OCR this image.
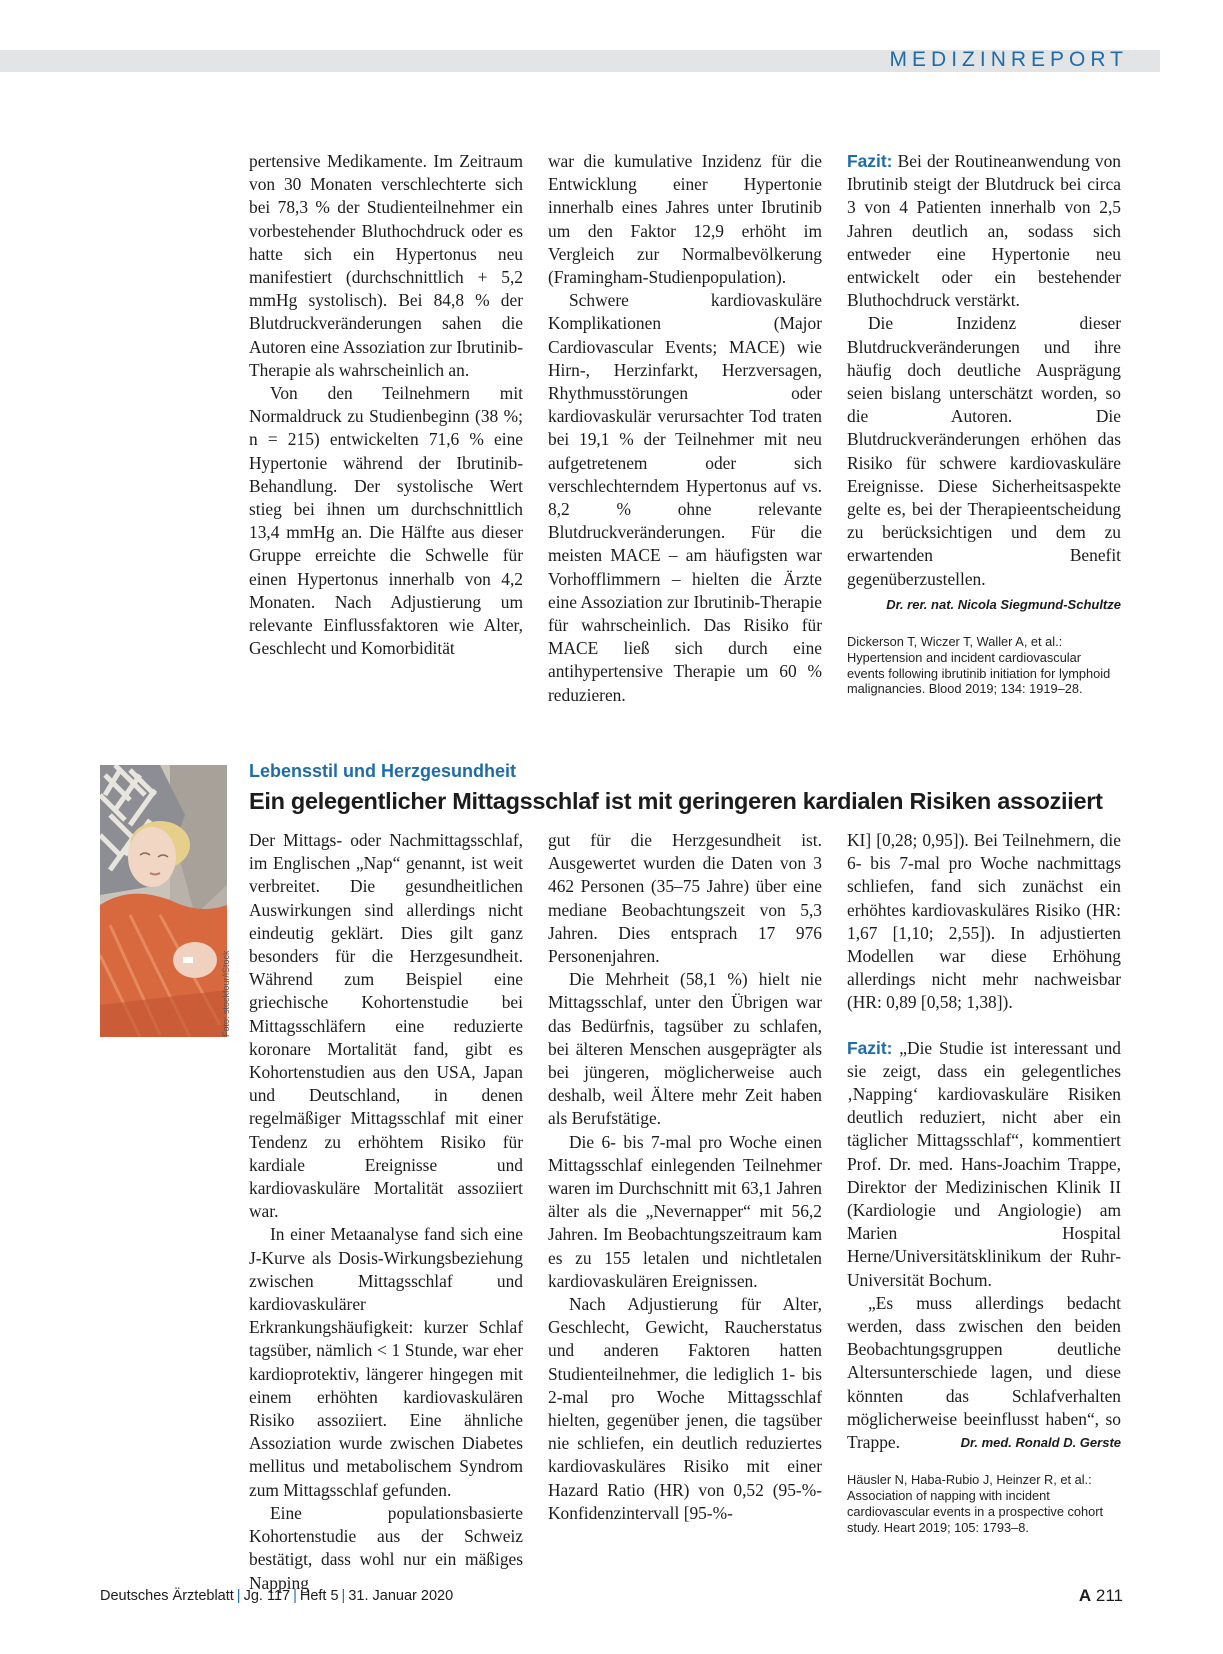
MEDIZINREPORT

pertensive Medikamente. Im Zeitraum von 30 Monaten verschlechterte sich bei 78,3 % der Studienteilnehmer ein vorbestehender Bluthochdruck oder es hatte sich ein Hypertonus neu manifestiert (durchschnittlich + 5,2 mmHg systolisch). Bei 84,8 % der Blutdruckveränderungen sahen die Autoren eine Assoziation zur Ibrutinib-Therapie als wahrscheinlich an.

Von den Teilnehmern mit Normaldruck zu Studienbeginn (38 %; n = 215) entwickelten 71,6 % eine Hypertonie während der Ibrutinib-Behandlung. Der systolische Wert stieg bei ihnen um durchschnittlich 13,4 mmHg an. Die Hälfte aus dieser Gruppe erreichte die Schwelle für einen Hypertonus innerhalb von 4,2 Monaten. Nach Adjustierung um relevante Einflussfaktoren wie Alter, Geschlecht und Komorbidität

war die kumulative Inzidenz für die Entwicklung einer Hypertonie innerhalb eines Jahres unter Ibrutinib um den Faktor 12,9 erhöht im Vergleich zur Normalbevölkerung (Framingham-Studienpopulation).

Schwere kardiovaskuläre Komplikationen (Major Cardiovascular Events; MACE) wie Hirn-, Herzinfarkt, Herzversagen, Rhythmusstörungen oder kardiovaskulär verursachter Tod traten bei 19,1 % der Teilnehmer mit neu aufgetretenem oder sich verschlechterndem Hypertonus auf vs. 8,2 % ohne relevante Blutdruckveränderungen. Für die meisten MACE – am häufigsten war Vorhofflimmern – hielten die Ärzte eine Assoziation zur Ibrutinib-Therapie für wahrscheinlich. Das Risiko für MACE ließ sich durch eine antihypertensive Therapie um 60 % reduzieren.

Fazit: Bei der Routineanwendung von Ibrutinib steigt der Blutdruck bei circa 3 von 4 Patienten innerhalb von 2,5 Jahren deutlich an, sodass sich entweder eine Hypertonie neu entwickelt oder ein bestehender Bluthochdruck verstärkt.

Die Inzidenz dieser Blutdruckveränderungen und ihre häufig doch deutliche Ausprägung seien bislang unterschätzt worden, so die Autoren. Die Blutdruckveränderungen erhöhen das Risiko für schwere kardiovaskuläre Ereignisse. Diese Sicherheitsaspekte gelte es, bei der Therapieentscheidung zu berücksichtigen und dem zu erwartenden Benefit gegenüberzustellen.

Dr. rer. nat. Nicola Siegmund-Schultze
Dickerson T, Wiczer T, Waller A, et al.:
Hypertension and incident cardiovascular
events following ibrutinib initiation for lymphoid
malignancies. Blood 2019; 134: 1919–28.
Foto: stockfour/iStock
Lebensstil und Herzgesundheit
Ein gelegentlicher Mittagsschlaf ist mit geringeren kardialen Risiken assoziiert

Der Mittags- oder Nachmittagsschlaf, im Englischen „Nap“ genannt, ist weit verbreitet. Die gesundheitlichen Auswirkungen sind allerdings nicht eindeutig geklärt. Dies gilt ganz besonders für die Herzgesundheit. Während zum Beispiel eine griechische Kohortenstudie bei Mittagsschläfern eine reduzierte koronare Mortalität fand, gibt es Kohortenstudien aus den USA, Japan und Deutschland, in denen regelmäßiger Mittagsschlaf mit einer Tendenz zu erhöhtem Risiko für kardiale Ereignisse und kardiovaskuläre Mortalität assoziiert war.

In einer Metaanalyse fand sich eine J-Kurve als Dosis-Wirkungsbeziehung zwischen Mittagsschlaf und kardiovaskulärer Erkrankungshäufigkeit: kurzer Schlaf tagsüber, nämlich < 1 Stunde, war eher kardioprotektiv, längerer hingegen mit einem erhöhten kardiovaskulären Risiko assoziiert. Eine ähnliche Assoziation wurde zwischen Diabetes mellitus und metabolischem Syndrom zum Mittagsschlaf gefunden.

Eine populationsbasierte Kohortenstudie aus der Schweiz bestätigt, dass wohl nur ein mäßiges Napping

gut für die Herzgesundheit ist. Ausgewertet wurden die Daten von 3 462 Personen (35–75 Jahre) über eine mediane Beobachtungszeit von 5,3 Jahren. Dies entsprach 17 976 Personenjahren.

Die Mehrheit (58,1 %) hielt nie Mittagsschlaf, unter den Übrigen war das Bedürfnis, tagsüber zu schlafen, bei älteren Menschen ausgeprägter als bei jüngeren, möglicherweise auch deshalb, weil Ältere mehr Zeit haben als Berufstätige.

Die 6- bis 7-mal pro Woche einen Mittagsschlaf einlegenden Teilnehmer waren im Durchschnitt mit 63,1 Jahren älter als die „Nevernapper“ mit 56,2 Jahren. Im Beobachtungszeitraum kam es zu 155 letalen und nichtletalen kardiovaskulären Ereignissen.

Nach Adjustierung für Alter, Geschlecht, Gewicht, Raucherstatus und anderen Faktoren hatten Studienteilnehmer, die lediglich 1- bis 2-mal pro Woche Mittagsschlaf hielten, gegenüber jenen, die tagsüber nie schliefen, ein deutlich reduziertes kardiovaskuläres Risiko mit einer Hazard Ratio (HR) von 0,52 (95-%-Konfidenzintervall [95-%-

KI] [0,28; 0,95]). Bei Teilnehmern, die 6- bis 7-mal pro Woche nachmittags schliefen, fand sich zunächst ein erhöhtes kardiovaskuläres Risiko (HR: 1,67 [1,10; 2,55]). In adjustierten Modellen war diese Erhöhung allerdings nicht mehr nachweisbar (HR: 0,89 [0,58; 1,38]).

Fazit: „Die Studie ist interessant und sie zeigt, dass ein gelegentliches ‚Napping‘ kardiovaskuläre Risiken deutlich reduziert, nicht aber ein täglicher Mittagsschlaf“, kommentiert Prof. Dr. med. Hans-Joachim Trappe, Direktor der Medizinischen Klinik II (Kardiologie und Angiologie) am Marien Hospital Herne/Universitätsklinikum der Ruhr-Universität Bochum.

„Es muss allerdings bedacht werden, dass zwischen den beiden Beobachtungsgruppen deutliche Altersunterschiede lagen, und diese könnten das Schlafverhalten möglicherweise beeinflusst haben“, so Trappe.	Dr. med. Ronald D. Gerste

Häusler N, Haba-Rubio J, Heinzer R, et al.:
Association of napping with incident
cardiovascular events in a prospective cohort
study. Heart 2019; 105: 1793–8.
Deutsches Ärzteblatt | Jg. 117 | Heft 5 | 31. Januar 2020	A 211
